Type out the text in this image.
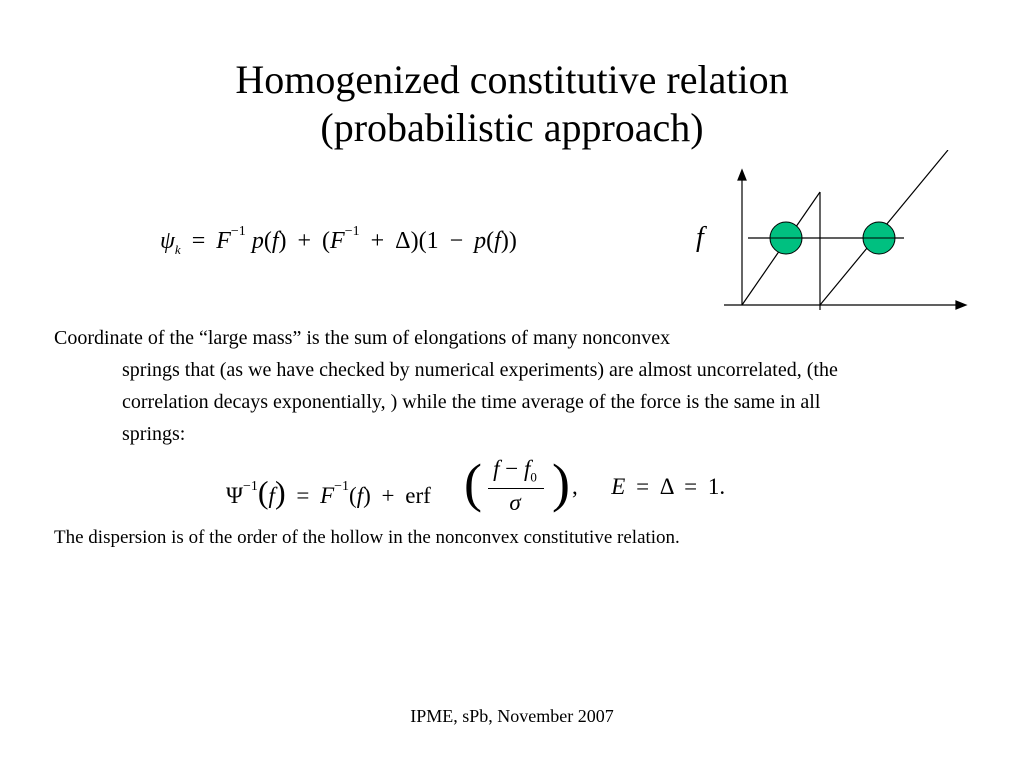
Homogenized constitutive relation
(probabilistic approach)
$\psi_k = F^{-1}$ $p(f) + (F^{-1} + \Delta)(1 - p(f))$	f
Coordinate of the “large mass” is the sum of elongations of many nonconvex
springs that (as we have checked by numerical experiments) are almost uncorrelated, (the correlation decays exponentially, ) while the time average of the force is the same in all springs:
$\Psi^{-1}(f) = F^{-1}(f)$ + erf ( $f - f_0$
σ ) , E = Δ = 1.
The dispersion is of the order of the hollow in the nonconvex constitutive relation.
IPME, sPb, November 2007
